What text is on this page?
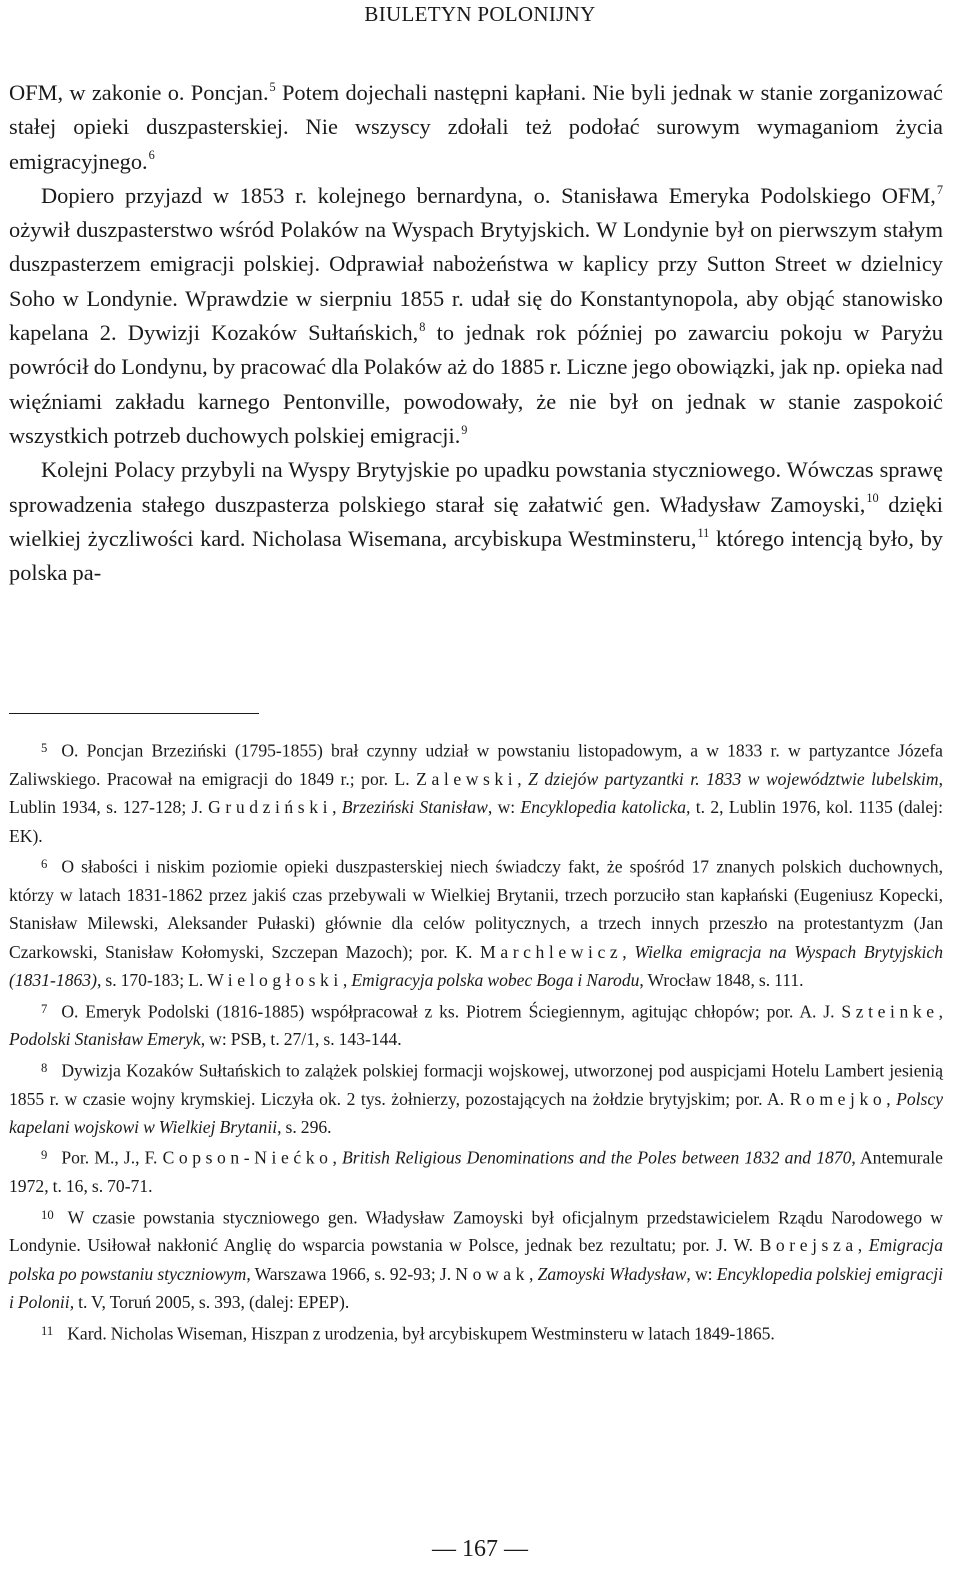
BIULETYN POLONIJNY

OFM, w zakonie o. Poncjan.$^5$ Potem dojechali następni kapłani. Nie byli jednak w stanie zorganizować stałej opieki duszpasterskiej. Nie wszyscy zdołali też podołać surowym wymaganiom życia emigracyjnego.$^6$

Dopiero przyjazd w 1853 r. kolejnego bernardyna, o. Stanisława Emeryka Podolskiego OFM,$^7$ ożywił duszpasterstwo wśród Polaków na Wyspach Brytyjskich. W Londynie był on pierwszym stałym duszpasterzem emigracji polskiej. Odprawiał nabożeństwa w kaplicy przy Sutton Street w dzielnicy Soho w Londynie. Wprawdzie w sierpniu 1855 r. udał się do Konstantynopola, aby objąć stanowisko kapelana 2. Dywizji Kozaków Sułtańskich,$^8$ to jednak rok później po zawarciu pokoju w Paryżu powrócił do Londynu, by pracować dla Polaków aż do 1885 r. Liczne jego obowiązki, jak np. opieka nad więźniami zakładu karnego Pentonville, powodowały, że nie był on jednak w stanie zaspokoić wszystkich potrzeb duchowych polskiej emigracji.$^9$

Kolejni Polacy przybyli na Wyspy Brytyjskie po upadku powstania styczniowego. Wówczas sprawę sprowadzenia stałego duszpasterza polskiego starał się załatwić gen. Władysław Zamoyski,$^{10}$ dzięki wielkiej życzliwości kard. Nicholasa Wisemana, arcybiskupa Westminsteru,$^{11}$ którego intencją było, by polska pa-

$^5$ O. Poncjan Brzeziński (1795-1855) brał czynny udział w powstaniu listopadowym, a w 1833 r. w partyzantce Józefa Zaliwskiego. Pracował na emigracji do 1849 r.; por. L. Zalewski, Z dziejów partyzantki r. 1833 w województwie lubelskim, Lublin 1934, s. 127-128; J. Grudziński, Brzeziński Stanisław, w: Encyklopedia katolicka, t. 2, Lublin 1976, kol. 1135 (dalej: EK).

$^6$ O słabości i niskim poziomie opieki duszpasterskiej niech świadczy fakt, że spośród 17 znanych polskich duchownych, którzy w latach 1831-1862 przez jakiś czas przebywali w Wielkiej Brytanii, trzech porzuciło stan kapłański (Eugeniusz Kopecki, Stanisław Milewski, Aleksander Pułaski) głównie dla celów politycznych, a trzech innych przeszło na protestantyzm (Jan Czarkowski, Stanisław Kołomyski, Szczepan Mazoch); por. K. Marchlewicz, Wielka emigracja na Wyspach Brytyjskich (1831-1863), s. 170-183; L. Wielogłoski, Emigracyja polska wobec Boga i Narodu, Wrocław 1848, s. 111.

$^7$ O. Emeryk Podolski (1816-1885) współpracował z ks. Piotrem Ściegiennym, agitując chłopów; por. A. J. Szteinke, Podolski Stanisław Emeryk, w: PSB, t. 27/1, s. 143-144.

$^8$ Dywizja Kozaków Sułtańskich to zalążek polskiej formacji wojskowej, utworzonej pod auspicjami Hotelu Lambert jesienią 1855 r. w czasie wojny krymskiej. Liczyła ok. 2 tys. żołnierzy, pozostających na żołdzie brytyjskim; por. A. Romejko, Polscy kapelani wojskowi w Wielkiej Brytanii, s. 296.

$^9$ Por. M., J., F. Copson-Niećko, British Religious Denominations and the Poles between 1832 and 1870, Antemurale 1972, t. 16, s. 70-71.

$^{10}$ W czasie powstania styczniowego gen. Władysław Zamoyski był oficjalnym przedstawicielem Rządu Narodowego w Londynie. Usiłował nakłonić Anglię do wsparcia powstania w Polsce, jednak bez rezultatu; por. J. W. Borejsza, Emigracja polska po powstaniu styczniowym, Warszawa 1966, s. 92-93; J. Nowak, Zamoyski Władysław, w: Encyklopedia polskiej emigracji i Polonii, t. V, Toruń 2005, s. 393, (dalej: EPEP).

$^{11}$ Kard. Nicholas Wiseman, Hiszpan z urodzenia, był arcybiskupem Westminsteru w latach 1849-1865.

— 167 —
